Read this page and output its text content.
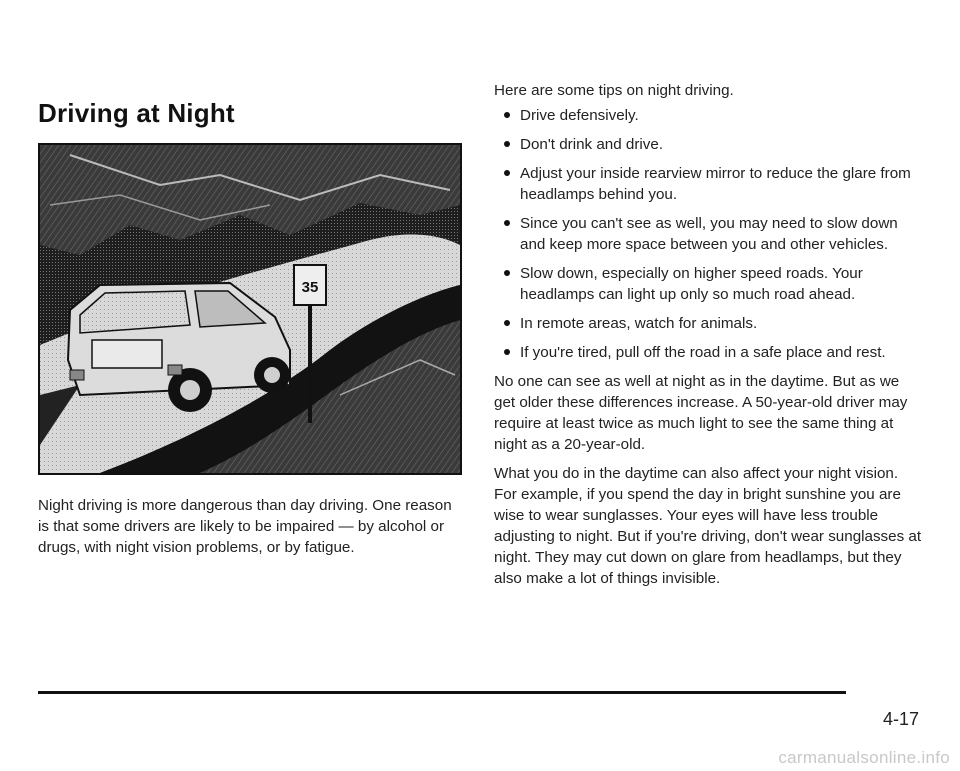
Driving at Night
35

Night driving is more dangerous than day driving. One reason is that some drivers are likely to be impaired — by alcohol or drugs, with night vision problems, or by fatigue.

Here are some tips on night driving.

Drive defensively.
Don't drink and drive.
Adjust your inside rearview mirror to reduce the glare from headlamps behind you.
Since you can't see as well, you may need to slow down and keep more space between you and other vehicles.
Slow down, especially on higher speed roads. Your headlamps can light up only so much road ahead.
In remote areas, watch for animals.
If you're tired, pull off the road in a safe place and rest.

No one can see as well at night as in the daytime. But as we get older these differences increase. A 50-year-old driver may require at least twice as much light to see the same thing at night as a 20-year-old.

What you do in the daytime can also affect your night vision. For example, if you spend the day in bright sunshine you are wise to wear sunglasses. Your eyes will have less trouble adjusting to night. But if you're driving, don't wear sunglasses at night. They may cut down on glare from headlamps, but they also make a lot of things invisible.

4-17
carmanualsonline.info
